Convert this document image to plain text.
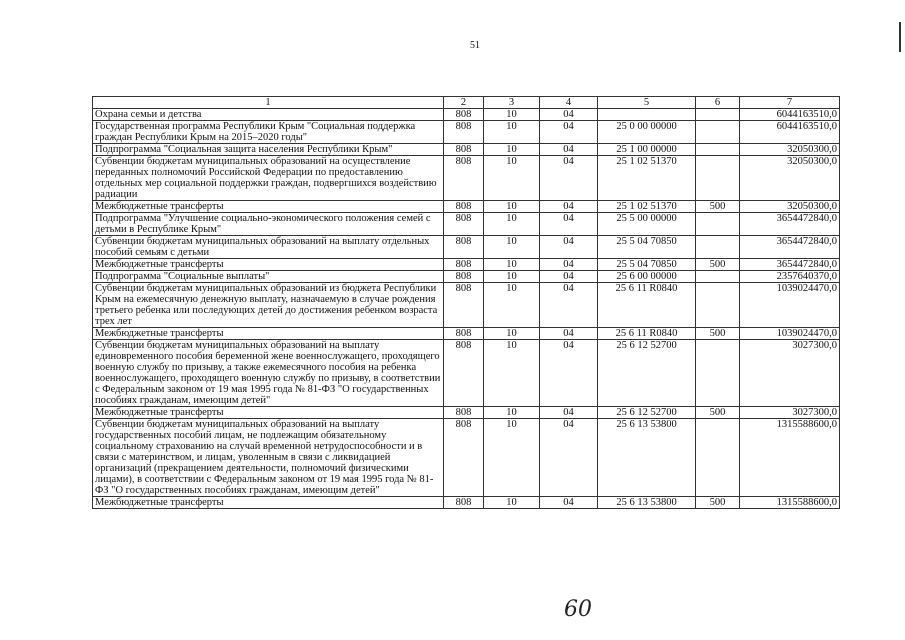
51
1	2	3	4	5	6	7
Охрана семьи и детства	808	10	04			6044163510,0
Государственная программа Республики Крым "Социальная поддержка граждан Республики Крым на 2015–2020 годы"	808	10	04	25 0 00 00000		6044163510,0
Подпрограмма "Социальная защита населения Республики Крым"	808	10	04	25 1 00 00000		32050300,0
Субвенции бюджетам муниципальных образований на осуществление переданных полномочий Российской Федерации по предоставлению отдельных мер социальной поддержки граждан, подвергшихся воздействию радиации	808	10	04	25 1 02 51370		32050300,0
Межбюджетные трансферты	808	10	04	25 1 02 51370	500	32050300,0
Подпрограмма "Улучшение социально-экономического положения семей с детьми в Республике Крым"	808	10	04	25 5 00 00000		3654472840,0
Субвенции бюджетам муниципальных образований на выплату отдельных пособий семьям с детьми	808	10	04	25 5 04 70850		3654472840,0
Межбюджетные трансферты	808	10	04	25 5 04 70850	500	3654472840,0
Подпрограмма "Социальные выплаты"	808	10	04	25 6 00 00000		2357640370,0
Субвенции бюджетам муниципальных образований из бюджета Республики Крым на ежемесячную денежную выплату, назначаемую в случае рождения третьего ребенка или последующих детей до достижения ребенком возраста трех лет	808	10	04	25 6 11 R0840		1039024470,0
Межбюджетные трансферты	808	10	04	25 6 11 R0840	500	1039024470,0
Субвенции бюджетам муниципальных образований на выплату единовременного пособия беременной жене военнослужащего, проходящего военную службу по призыву, а также ежемесячного пособия на ребенка военнослужащего, проходящего военную службу по призыву, в соответствии с Федеральным законом от 19 мая 1995 года № 81-ФЗ "О государственных пособиях гражданам, имеющим детей"	808	10	04	25 6 12 52700		3027300,0
Межбюджетные трансферты	808	10	04	25 6 12 52700	500	3027300,0
Субвенции бюджетам муниципальных образований на выплату государственных пособий лицам, не подлежащим обязательному социальному страхованию на случай временной нетрудоспособности и в связи с материнством, и лицам, уволенным в связи с ликвидацией организаций (прекращением деятельности, полномочий физическими лицами), в соответствии с Федеральным законом от 19 мая 1995 года № 81-ФЗ "О государственных пособиях гражданам, имеющим детей"	808	10	04	25 6 13 53800		1315588600,0
Межбюджетные трансферты	808	10	04	25 6 13 53800	500	1315588600,0
60
